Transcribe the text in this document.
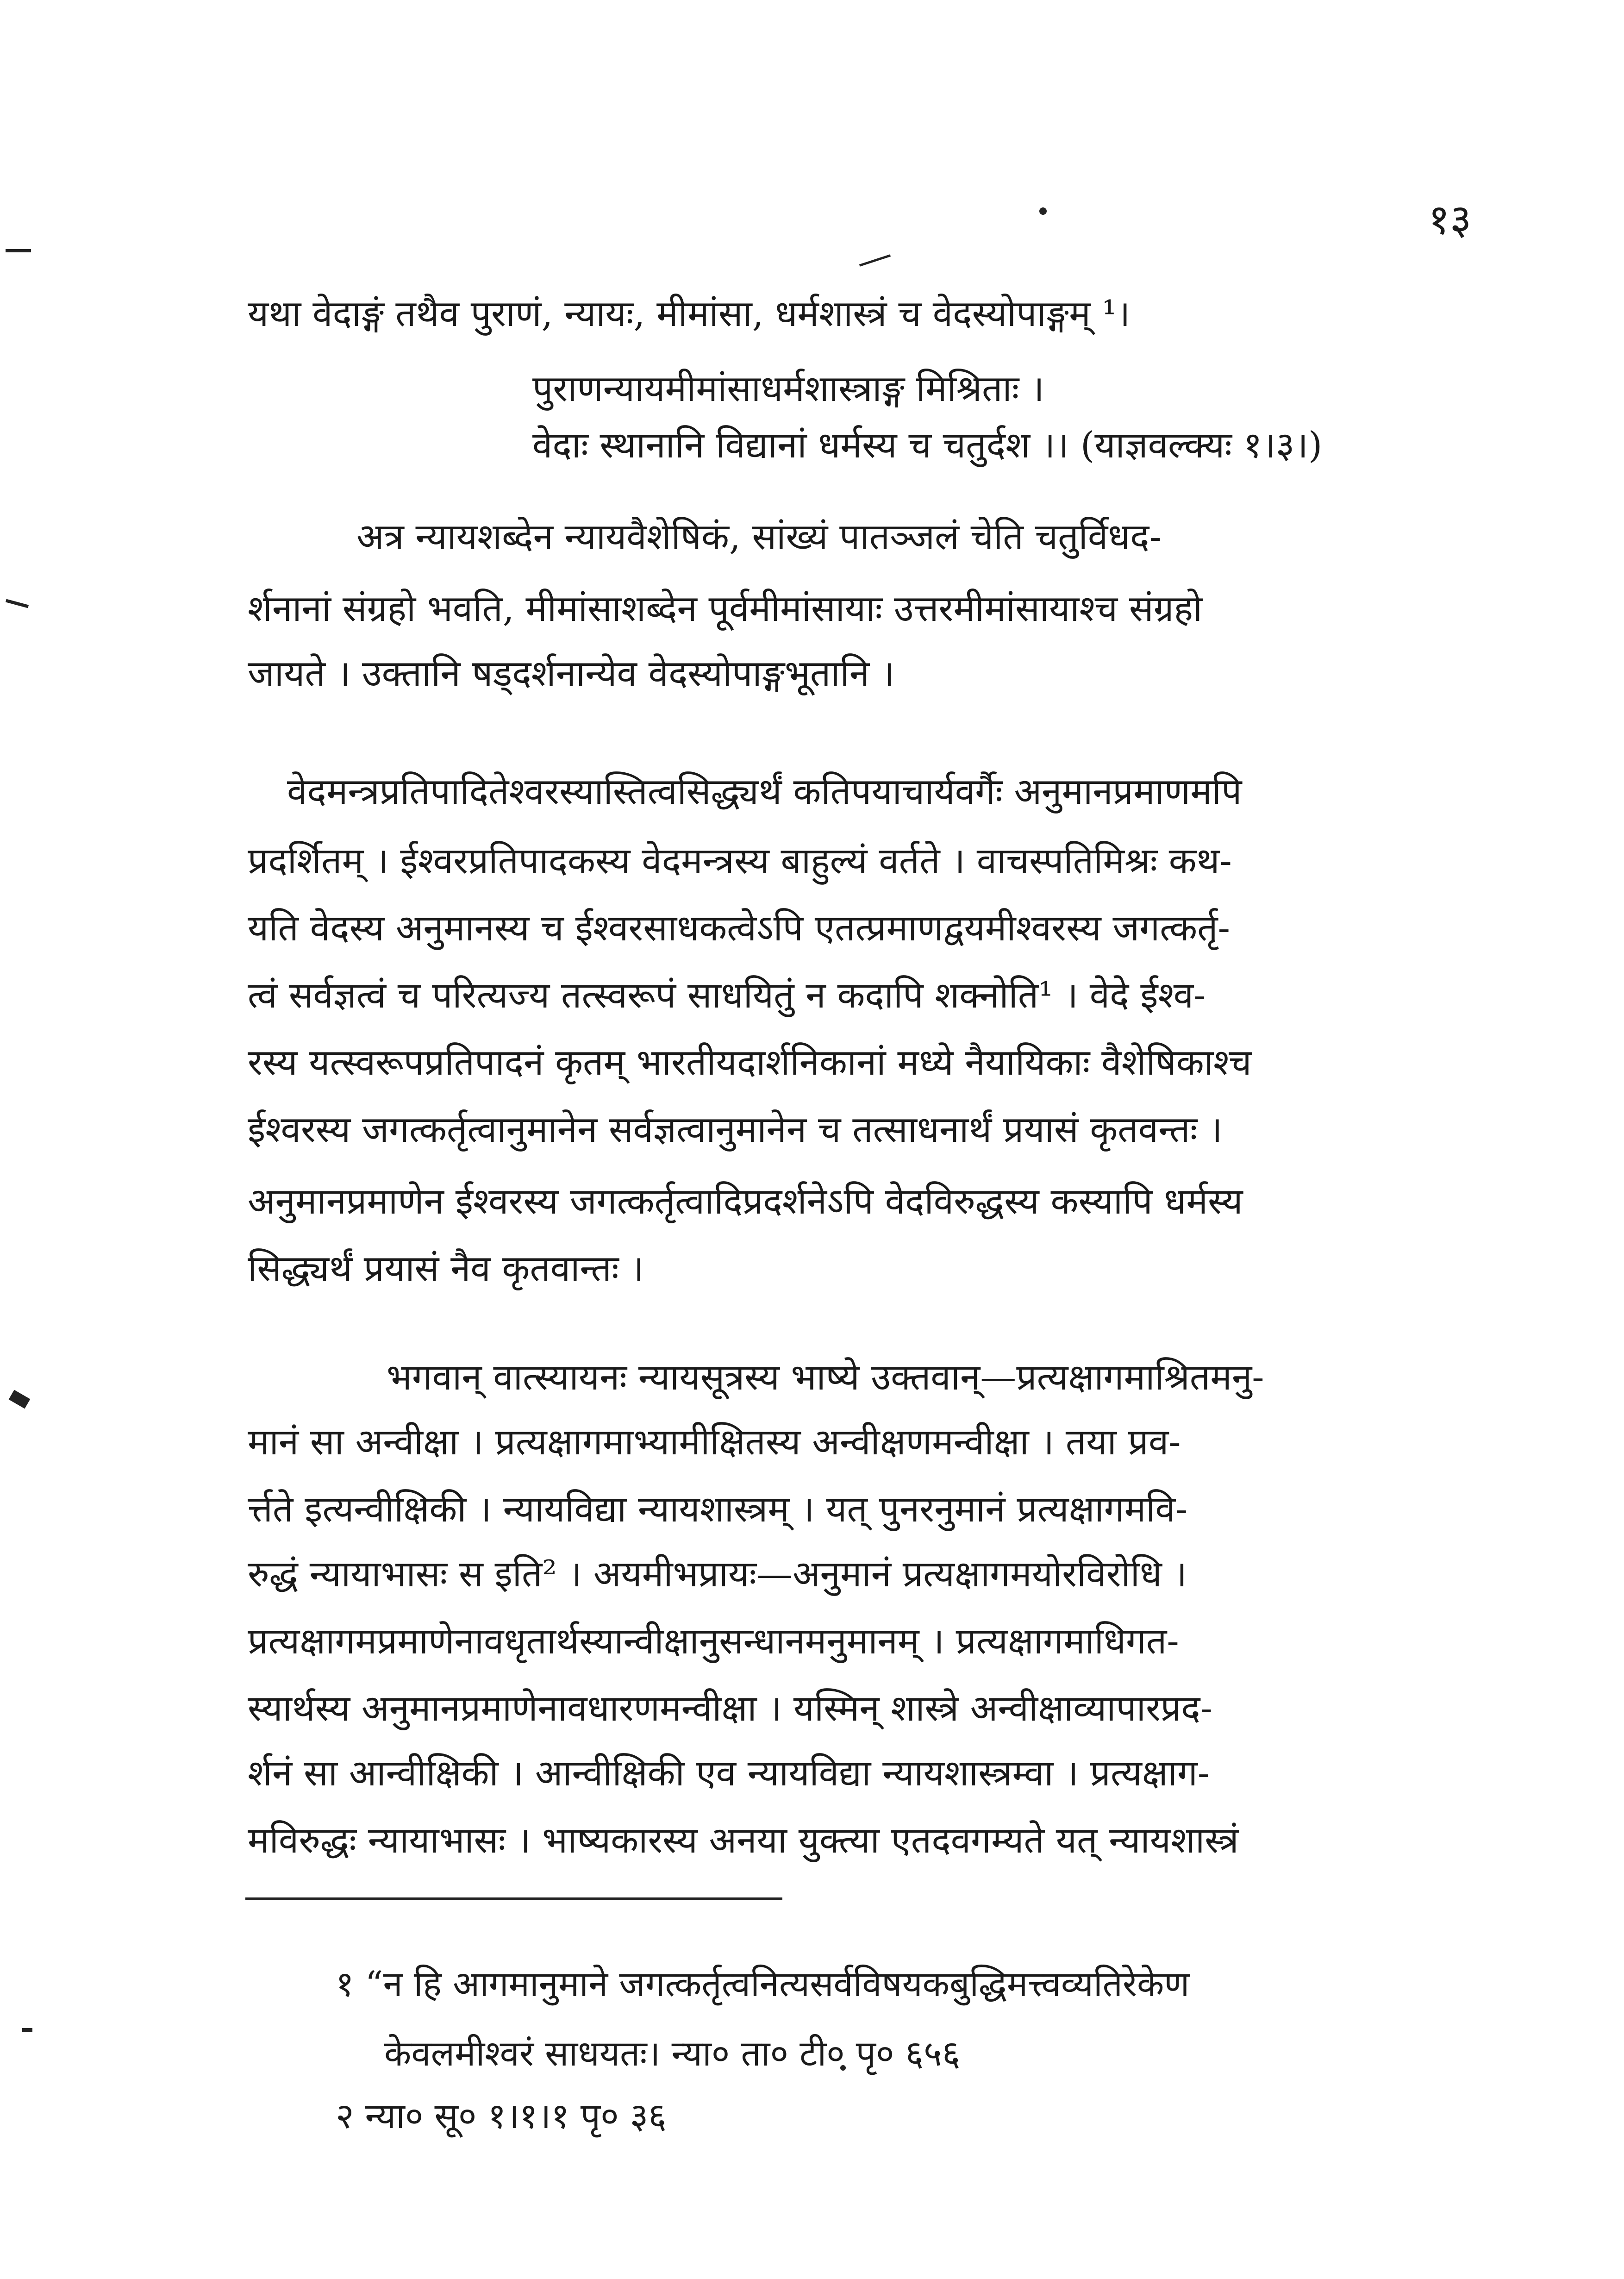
१३
यथा वेदाङ्गं तथैव पुराणं, न्यायः, मीमांसा, धर्मशास्त्रं च वेदस्योपाङ्गम् ¹।
पुराणन्यायमीमांसाधर्मशास्त्राङ्ग मिश्रिताः ।
वेदाः स्थानानि विद्यानां धर्मस्य च चतुर्दश ।। (याज्ञवल्क्यः १।३।)
अत्र न्यायशब्देन न्यायवैशेषिकं, सांख्यं पातञ्जलं चेति चतुर्विधद-
र्शनानां संग्रहो भवति, मीमांसाशब्देन पूर्वमीमांसायाः उत्तरमीमांसायाश्च संग्रहो
जायते । उक्तानि षड्दर्शनान्येव वेदस्योपाङ्गभूतानि ।
वेदमन्त्रप्रतिपादितेश्वरस्यास्तित्वसिद्ध्यर्थं कतिपयाचार्यवर्गैः अनुमानप्रमाणमपि
प्रदर्शितम् । ईश्वरप्रतिपादकस्य वेदमन्त्रस्य बाहुल्यं वर्तते । वाचस्पतिमिश्रः कथ-
यति वेदस्य अनुमानस्य च ईश्वरसाधकत्वेऽपि एतत्प्रमाणद्वयमीश्वरस्य जगत्कर्तृ-
त्वं सर्वज्ञत्वं च परित्यज्य तत्स्वरूपं साधयितुं न कदापि शक्नोति¹ । वेदे ईश्व-
रस्य यत्स्वरूपप्रतिपादनं कृतम् भारतीयदार्शनिकानां मध्ये नैयायिकाः वैशेषिकाश्च
ईश्वरस्य जगत्कर्तृत्वानुमानेन सर्वज्ञत्वानुमानेन च तत्साधनार्थं प्रयासं कृतवन्तः ।
अनुमानप्रमाणेन ईश्वरस्य जगत्कर्तृत्वादिप्रदर्शनेऽपि वेदविरुद्धस्य कस्यापि धर्मस्य
सिद्ध्यर्थं प्रयासं नैव कृतवान्तः ।
भगवान् वात्स्यायनः न्यायसूत्रस्य भाष्ये उक्तवान्—प्रत्यक्षागमाश्रितमनु-
मानं सा अन्वीक्षा । प्रत्यक्षागमाभ्यामीक्षितस्य अन्वीक्षणमन्वीक्षा । तया प्रव-
र्त्तते इत्यन्वीक्षिकी । न्यायविद्या न्यायशास्त्रम् । यत् पुनरनुमानं प्रत्यक्षागमवि-
रुद्धं न्यायाभासः स इति² । अयमीभप्रायः—अनुमानं प्रत्यक्षागमयोरविरोधि ।
प्रत्यक्षागमप्रमाणेनावधृतार्थस्यान्वीक्षानुसन्धानमनुमानम् । प्रत्यक्षागमाधिगत-
स्यार्थस्य अनुमानप्रमाणेनावधारणमन्वीक्षा । यस्मिन् शास्त्रे अन्वीक्षाव्यापारप्रद-
र्शनं सा आन्वीक्षिकी । आन्वीक्षिकी एव न्यायविद्या न्यायशास्त्रम्वा । प्रत्यक्षाग-
मविरुद्धः न्यायाभासः । भाष्यकारस्य अनया युक्त्या एतदवगम्यते यत् न्यायशास्त्रं
१ “न हि आगमानुमाने जगत्कर्तृत्वनित्यसर्वविषयकबुद्धिमत्त्वव्यतिरेकेण
केवलमीश्वरं साधयतः। न्या० ता० टी० पृ० ६५६
२ न्या० सू० १।१।१ पृ० ३६
